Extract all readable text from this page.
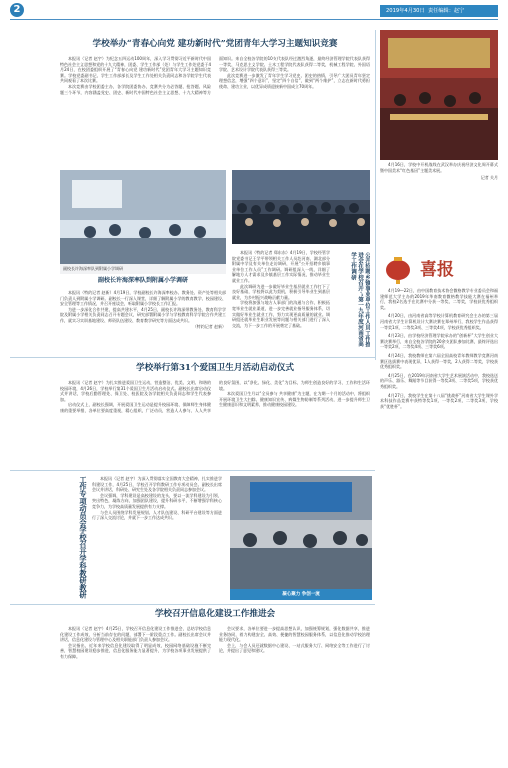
2	2019年4月30日 责任编辑：赵宁
学校举办“青春心向党 建功新时代”党团青年大学习主题知识竞赛

本报讯（记者 赵宇）为纪念五四运动100周年，深入学习贯彻习近平新时代中国特色社会主义思想和党的十九大精神，团委、学生工作部（处）与学生工作处党委于4月24日，在校团委组织开展了“青春心向党 建功新时代”党团青年大学习主题知识竞赛。学校党委副书记、学生工作部部长及学生工作处相关负责同志和各学院学生代表共同观看了本次比赛。

本次竞赛由学校团委主办，各学院团委协办，竞赛共分为必答题、抢答题、风险题三个环节，内容涵盖党史、团史、新时代中国特色社会主义思想、十九大精神等方面知识。来自全校各学院的10支代表队经过激烈角逐，最终经济管理学院代表队获得一等奖，马克思主义学院、土木工程学院代表队获得二等奖，机械工程学院、外国语学院、艺术设计学院代表队获得三等奖。

此次竞赛进一步激发了青年学生学习党史、团史的热情，引导广大团员青年坚定理想信念，增强“四个意识”，坚定“四个自信”，做到“两个维护”，立志在新时代勇担使命、建功立业，以优异成绩迎接新中国成立70周年。

副校长许海深率队到附属小学调研
副校长许海深率队到附属小学调研

本报讯（特约记者 赵新）4月19日，学校副校长许海深率校办、教务处、资产处等相关部门负责人到附属小学调研。副校长一行深入课堂，详细了解附属小学的教育教学、校园建设、安全管理等工作情况，并召开座谈会，听取附属小学校长工作汇报。

为进一步深化合作共建，提高共建水平，4月25日，副校长许海深带教务处、教育科学学院及附属小学相关负责同志召开专题会议，研究部署附属小学与学校教育科学学院合作共建工作，就实习实训基地建设、师资队伍建设、教育教学研究等方面达成共识。

（特约记者 赵新）

本报讯（特约记者 郑东东）4月19日，学校经管学院党委书记王学平带领相关工作人员赴河南、湖北部分附属中学及有关单位走访调研，开展“公开招聘乡镇事业单位工作人员”工作调研。调研组深入一线，详细了解地方人才需求及乡镇基层工作实际情况，推动毕业生就业工作。

此次调研为进一步做好毕业生基层就业工作打下了良好基础，学校将以此为契机，积极引导毕业生到基层就业，为乡村振兴战略贡献力量。

学校将加强与地方人事部门的沟通与合作，积极拓宽毕业生就业渠道，进一步完善就业指导服务体系，切实做好毕业生就业工作，努力实现更高质量的就业。调研组还就毕业生职业发展等问题与相关部门进行了深入交流，为下一步工作的开展奠定了基础。	公开招聘乡镇事业单位工作人员工作推进会在学校召开·“第一九年度河南省高学工作调研

4月16日，学校中开机战线在武汉举办庆祝经济文化周开幕式暨中国美术“红色基因”主题美术展。

记者 关月

喜报

4月19—22日，由中国教育技术协会微格教学专业委员会和福建师范大学主办的2019年华南教育微格教学技能大赛在福州举行，我校2名选手在比赛中分获一等奖、二等奖，学校获优秀组织奖。

4月20日，由河南省高等学校计算机教育研究会主办的第三届河南省大学生计算机设计大赛决赛在郑州举行，我校学生作品获得一等奖1项、二等奖3项、三等奖4项，学校获优秀组织奖。

4月23日，由学校经济管理学院承办的“创新杯”大学生创业大赛决赛举行，来自全校各学院的20余支团队参加比赛，最终评选出一等奖2项、二等奖4项、三等奖6项。

4月24日，我校教师在第六届全国高校青年教师教学竞赛河南赛区选拔赛中表现优异，1人获得一等奖，2人获得二等奖，学校获优秀组织奖。

4月25日，在2019年河南省大学生艺术展演活动中，我校选送的声乐、器乐、舞蹈等节目获得一等奖3项、二等奖5项，学校获优秀组织奖。

4月27日，我校学生在第十八届“挑战杯”河南省大学生课外学术科技作品竞赛中获特等奖1项、一等奖2项、二等奖3项，学校获“优胜杯”。

学校举行第31个爱国卫生月活动启动仪式

本报讯（记者 赵宇）为扎实推进爱国卫生运动，营造整洁、优美、文明、和谐的校园环境，4月26日，学校举行第31个爱国卫生月活动启动仪式。副校长出席启动仪式并讲话，学校后勤管理处、保卫处、校医院及各学院相关负责同志和学生代表参加。

启动仪式上，副校长强调，开展爱国卫生运动是提升校园环境、保障师生身体健康的重要举措，各单位要高度重视，精心组织，广泛动员，营造人人参与、人人共享的良好氛围，以“净化、绿化、美化”为目标，为师生创造良好的学习、工作和生活环境。

本次爱国卫生月以“全员参与 共享健康”为主题，在为期一个月的活动中，将组织开展环境卫生大扫除、健康知识宣传、病媒生物防制等系列活动，进一步提升师生卫生健康意识和文明素养，推动健康校园建设。

工作专项动员会学校召开学科教研教研	本报讯（记者 赵宇）为深入贯彻落实全国教育大会精神，扎实推进学科建设工作，4月25日，学校召开学科教研工作专项动员会。副校长出席会议并讲话，科研处、研究生处及各学院相关负责同志参加会议。

会议强调，学科建设是高校建设的龙头，要以一流学科建设为引领，突出特色，凝练方向，加强团队建设，提升科研水平，不断增强学科核心竞争力，为学校高质量发展提供有力支撑。

与会人员围绕学科发展规划、人才队伍建设、科研平台建设等方面进行了深入交流讨论，并就下一步工作达成共识。

凝心聚力 争创一流
学校召开信息化建设工作推进会

本报讯（记者 赵宇）4月25日，学校召开信息化建设工作推进会，总结学校信息化建设工作成效，分析当前存在的问题，部署下一阶段重点工作。副校长出席会议并讲话，信息化建设与管理中心及相关职能部门负责人参加会议。

会议指出，近年来学校信息化建设取得了明显成效，校园网络基础设施不断完善，智慧校园建设稳步推进，信息化服务能力显著提升，为学校各项事业发展提供了有力保障。

会议要求，各单位要进一步提高思想认识，加强统筹规划，强化数据共享，推进业务协同，着力构建安全、高效、便捷的智慧校园服务体系，以信息化推动学校治理能力现代化。

会上，与会人员还就数据中心建设、一站式服务大厅、网络安全等工作进行了讨论，并提出了意见和建议。
